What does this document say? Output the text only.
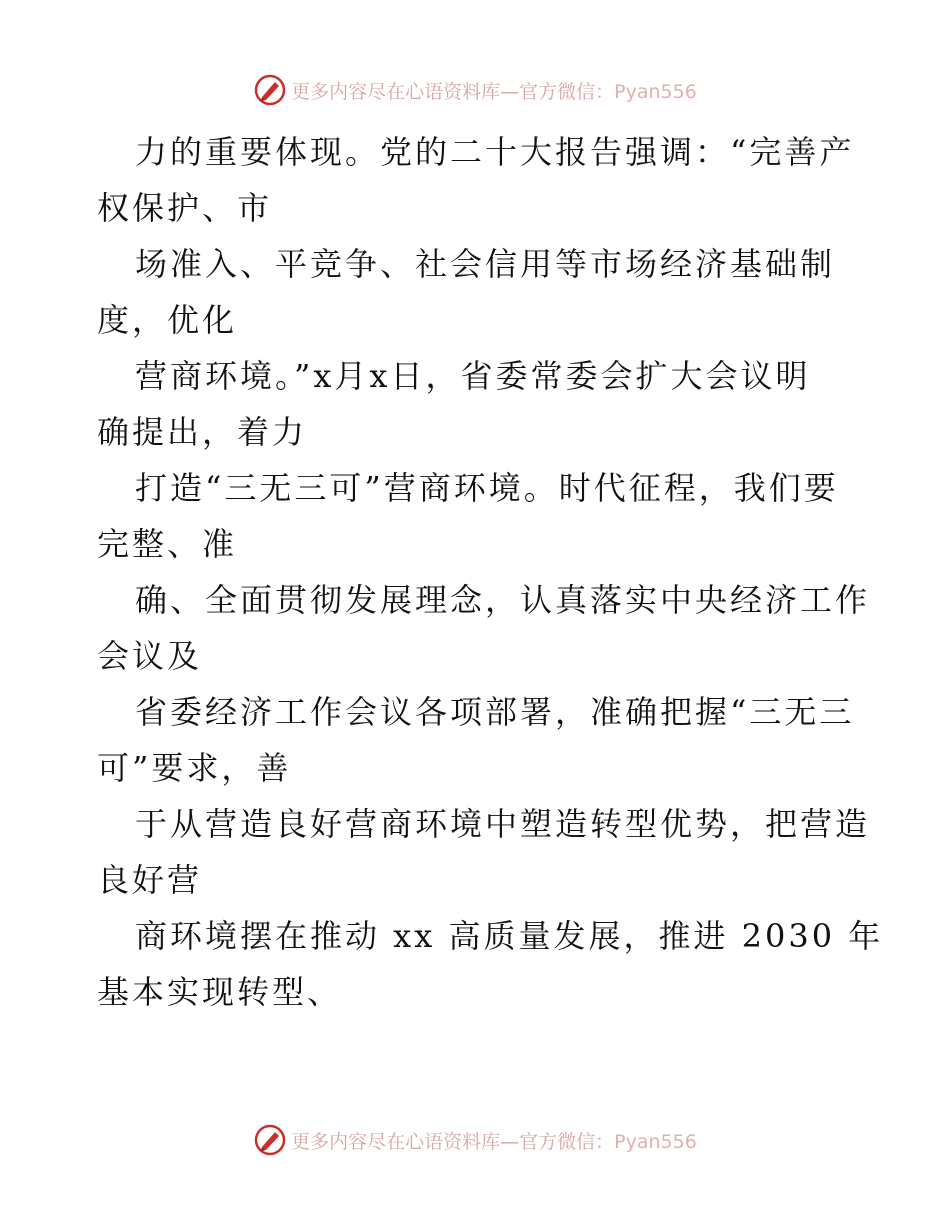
更多内容尽在心语资料库—官方微信：Pyan556
力的重要体现。党的二十大报告强调：“完善产
权保护、市
场准入、平竞争、社会信用等市场经济基础制
度，优化
营商环境。”x月x日，省委常委会扩大会议明
确提出，着力
打造“三无三可”营商环境。时代征程，我们要
完整、准
确、全面贯彻发展理念，认真落实中央经济工作
会议及
省委经济工作会议各项部署，准确把握“三无三
可”要求，善
于从营造良好营商环境中塑造转型优势，把营造
良好营
商环境摆在推动 xx 高质量发展，推进 2030 年
基本实现转型、
更多内容尽在心语资料库—官方微信：Pyan556
